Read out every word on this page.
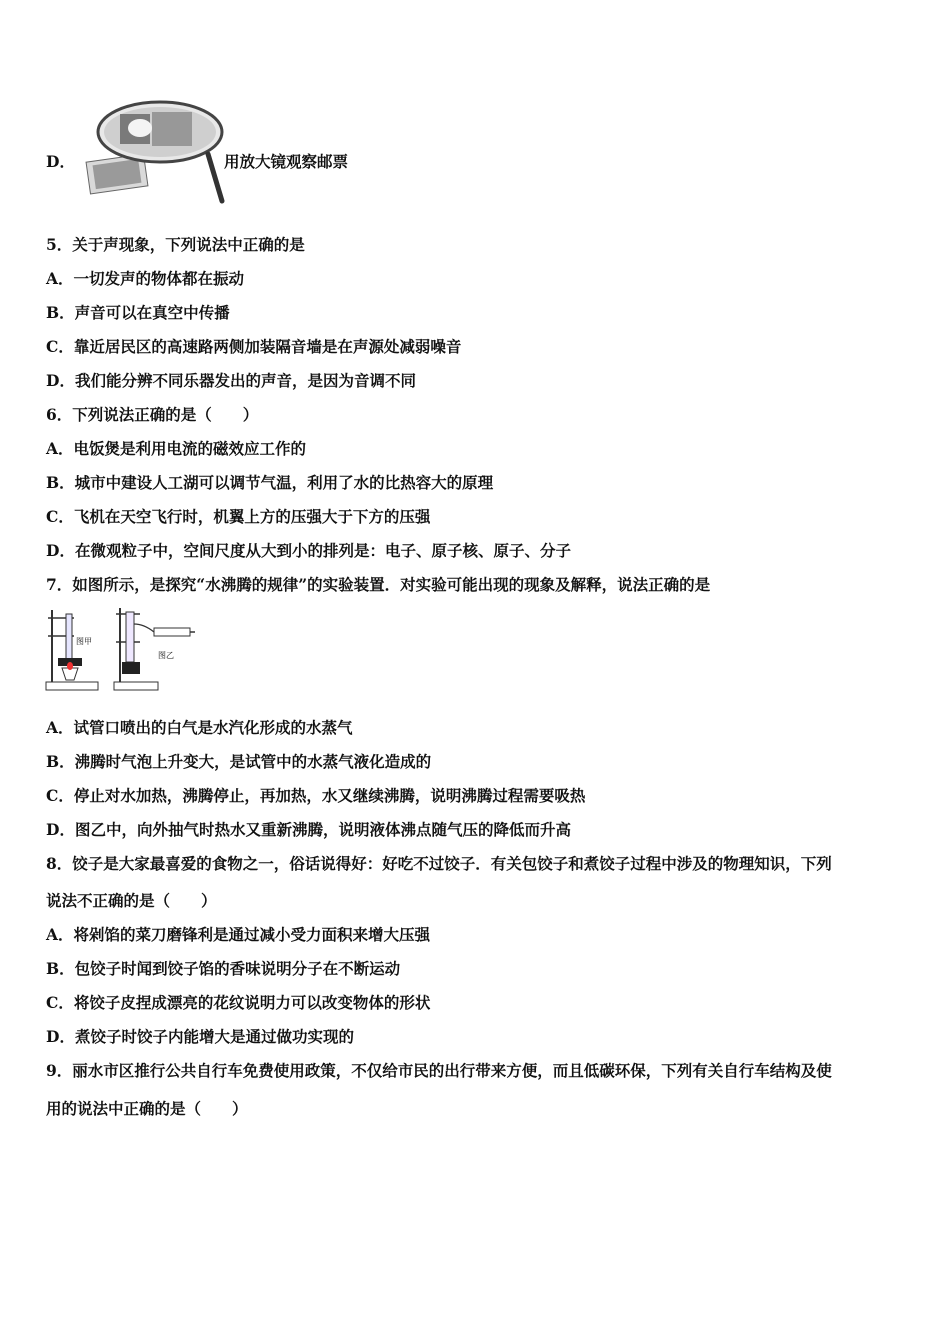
D．	用放大镜观察邮票
5．关于声现象，下列说法中正确的是
A．一切发声的物体都在振动
B．声音可以在真空中传播
C．靠近居民区的高速路两侧加装隔音墙是在声源处减弱噪音
D．我们能分辨不同乐器发出的声音，是因为音调不同
6．下列说法正确的是（　　）
A．电饭煲是利用电流的磁效应工作的
B．城市中建设人工湖可以调节气温，利用了水的比热容大的原理
C．飞机在天空飞行时，机翼上方的压强大于下方的压强
D．在微观粒子中，空间尺度从大到小的排列是：电子、原子核、原子、分子
7．如图所示，是探究“水沸腾的规律”的实验装置．对实验可能出现的现象及解释，说法正确的是
图甲
图乙
A．试管口喷出的白气是水汽化形成的水蒸气
B．沸腾时气泡上升变大，是试管中的水蒸气液化造成的
C．停止对水加热，沸腾停止，再加热，水又继续沸腾，说明沸腾过程需要吸热
D．图乙中，向外抽气时热水又重新沸腾，说明液体沸点随气压的降低而升高
8．饺子是大家最喜爱的食物之一，俗话说得好：好吃不过饺子．有关包饺子和煮饺子过程中涉及的物理知识，下列
说法不正确的是（　　）
A．将剁馅的菜刀磨锋利是通过减小受力面积来增大压强
B．包饺子时闻到饺子馅的香味说明分子在不断运动
C．将饺子皮捏成漂亮的花纹说明力可以改变物体的形状
D．煮饺子时饺子内能增大是通过做功实现的
9．丽水市区推行公共自行车免费使用政策，不仅给市民的出行带来方便，而且低碳环保，下列有关自行车结构及使
用的说法中正确的是（　　）
